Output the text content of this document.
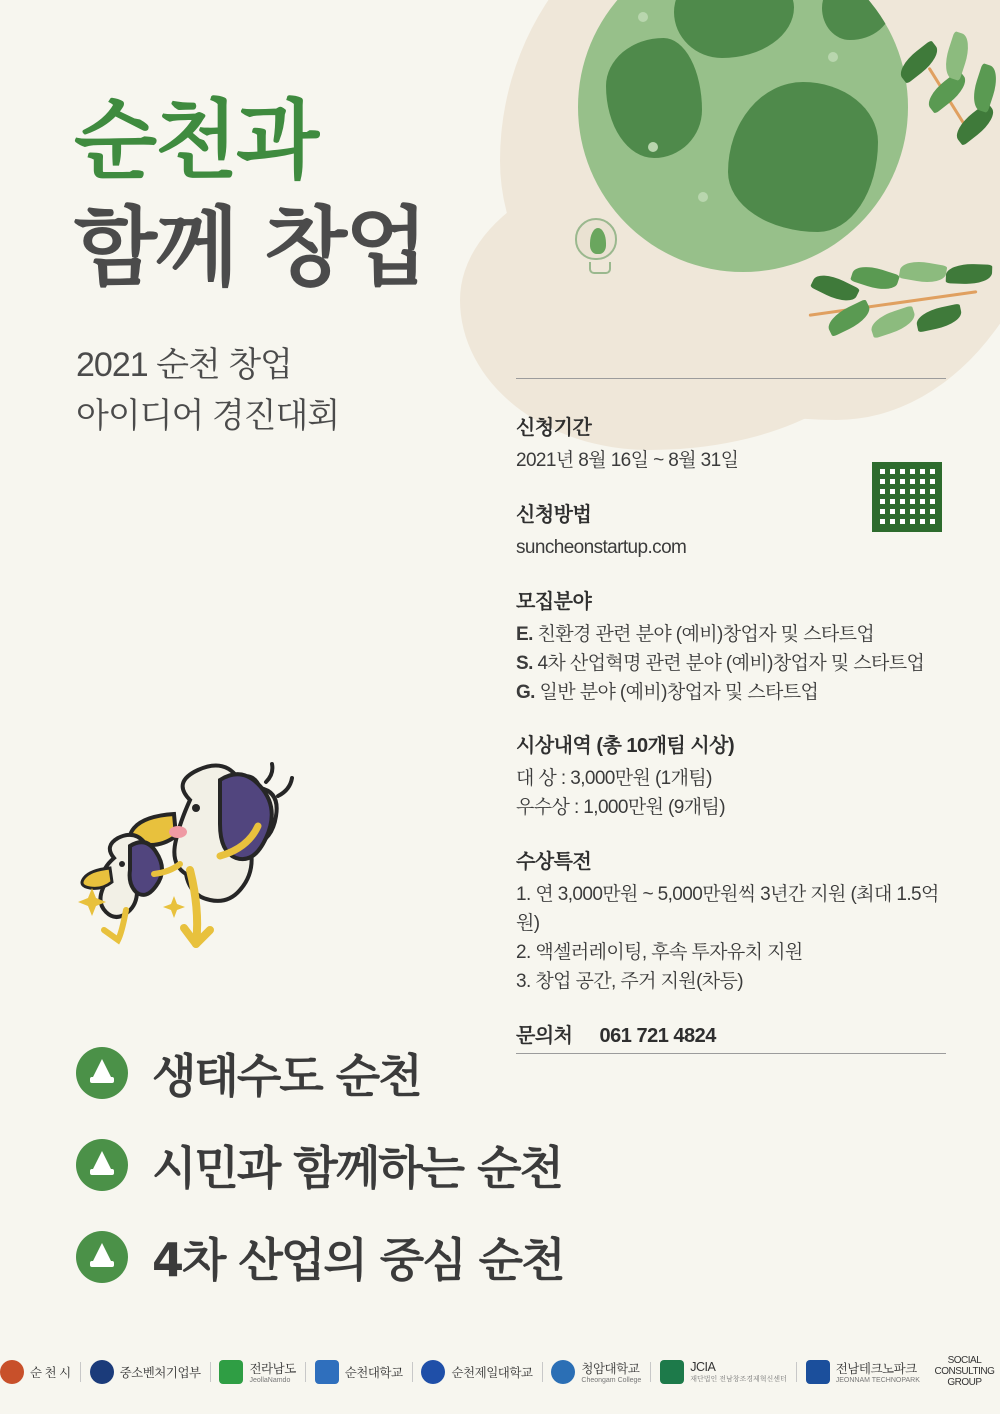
순천과
함께 창업
2021 순천 창업
아이디어 경진대회	신청기간

2021년 8월 16일 ~ 8월 31일

신청방법

suncheonstartup.com

모집분야

E. 친환경 관련 분야 (예비)창업자 및 스타트업

S. 4차 산업혁명 관련 분야 (예비)창업자 및 스타트업

G. 일반 분야 (예비)창업자 및 스타트업

시상내역 (총 10개팀 시상)

대 상 : 3,000만원 (1개팀)

우수상 : 1,000만원 (9개팀)

수상특전

1. 연 3,000만원 ~ 5,000만원씩 3년간 지원 (최대 1.5억원)

2. 액셀러레이팅, 후속 투자유치 지원

3. 창업 공간, 주거 지원(차등)

문의처 061 721 4824
생태수도 순천
시민과 함께하는 순천
4차 산업의 중심 순천
순 천 시	중소벤처기업부	전라남도
JeollaNamdo
순천대학교	순천제일대학교	청암대학교
Cheongam College
JCIA
재단법인 전남창조경제혁신센터
전남테크노파크
JEONNAM TECHNOPARK
SOCIAL CONSULTING GROUP
